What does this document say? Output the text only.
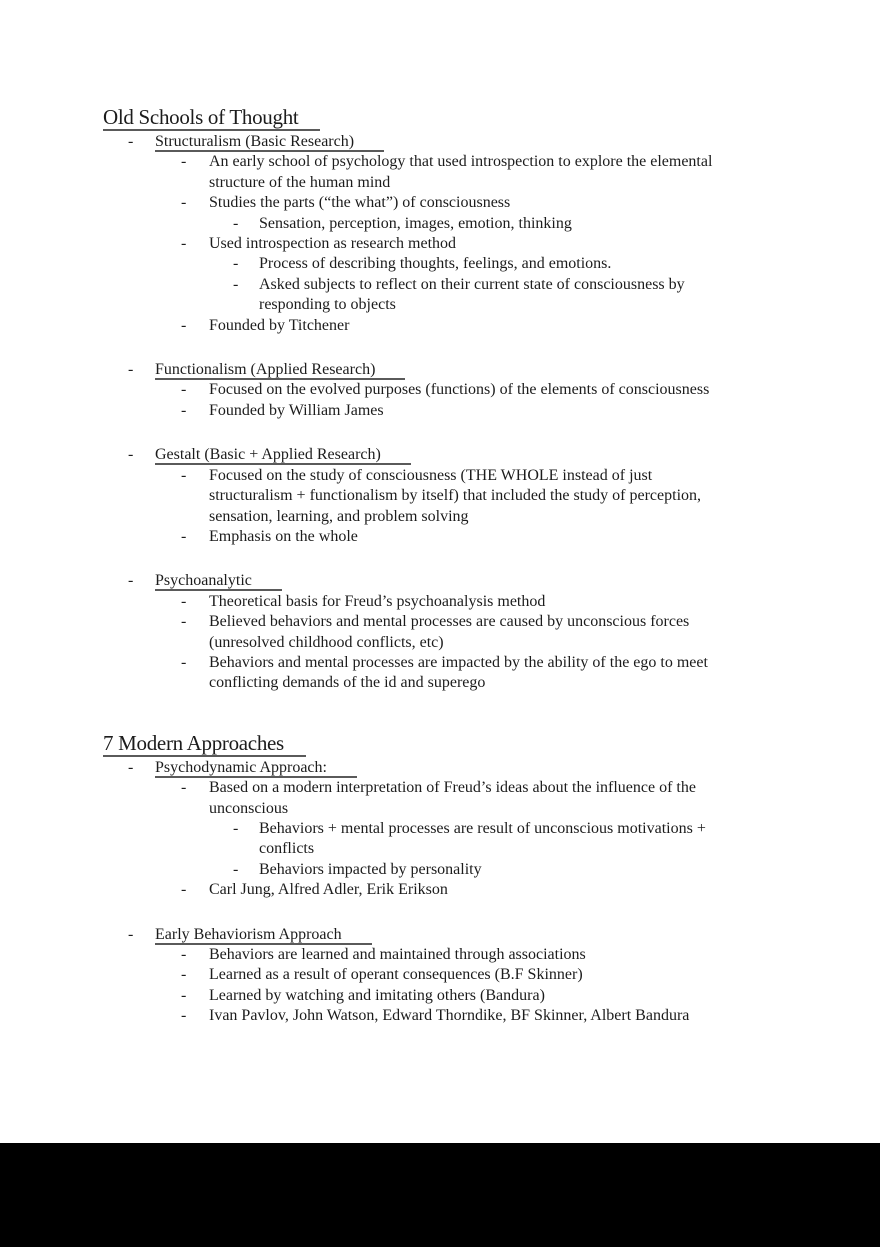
Old Schools of Thought
- Structuralism (Basic Research)
- An early school of psychology that used introspection to explore the elemental
structure of the human mind
- Studies the parts (“the what”) of consciousness
- Sensation, perception, images, emotion, thinking
- Used introspection as research method
- Process of describing thoughts, feelings, and emotions.
- Asked subjects to reflect on their current state of consciousness by
responding to objects
- Founded by Titchener
- Functionalism (Applied Research)
- Focused on the evolved purposes (functions) of the elements of consciousness
- Founded by William James
- Gestalt (Basic + Applied Research)
- Focused on the study of consciousness (THE WHOLE instead of just
structuralism + functionalism by itself) that included the study of perception,
sensation, learning, and problem solving
- Emphasis on the whole
- Psychoanalytic
- Theoretical basis for Freud’s psychoanalysis method
- Believed behaviors and mental processes are caused by unconscious forces
(unresolved childhood conflicts, etc)
- Behaviors and mental processes are impacted by the ability of the ego to meet
conflicting demands of the id and superego
7 Modern Approaches
- Psychodynamic Approach:
- Based on a modern interpretation of Freud’s ideas about the influence of the
unconscious
- Behaviors + mental processes are result of unconscious motivations +
conflicts
- Behaviors impacted by personality
- Carl Jung, Alfred Adler, Erik Erikson
- Early Behaviorism Approach
- Behaviors are learned and maintained through associations
- Learned as a result of operant consequences (B.F Skinner)
- Learned by watching and imitating others (Bandura)
- Ivan Pavlov, John Watson, Edward Thorndike, BF Skinner, Albert Bandura
